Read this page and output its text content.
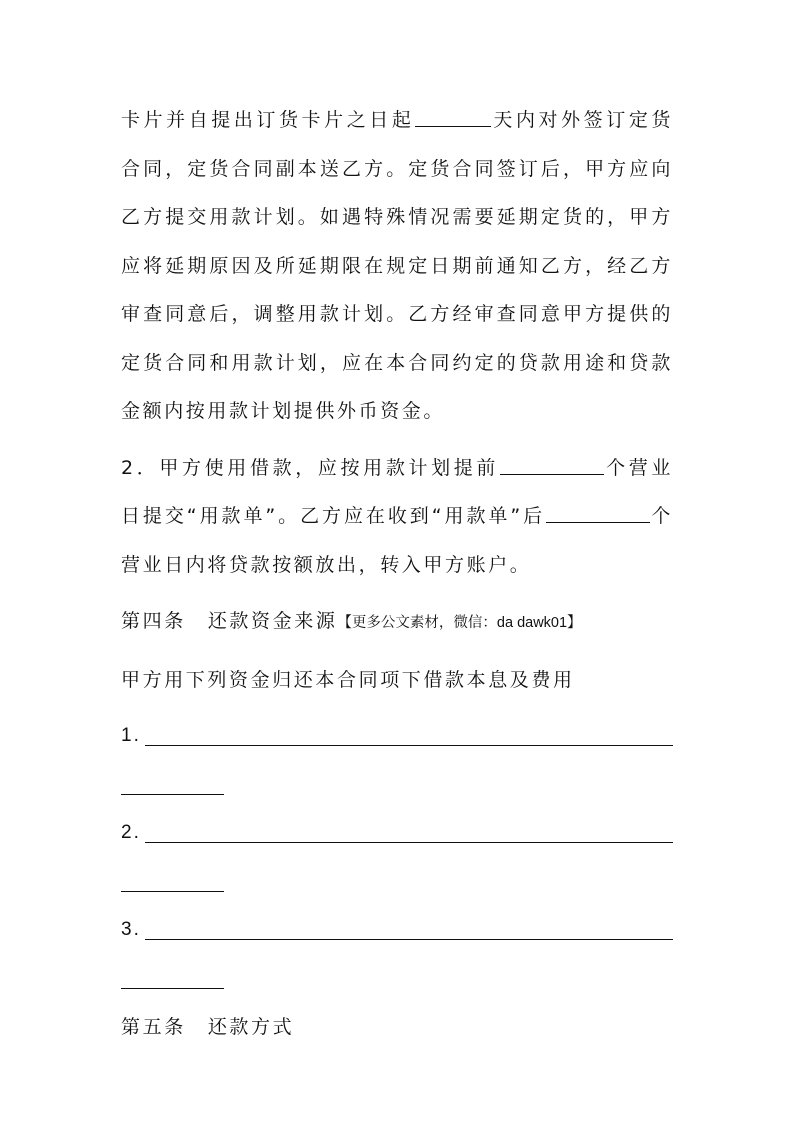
卡片并自提出订货卡片之日起	天内对外签订定货合同，定货合同副本送乙方。定货合同签订后，甲方应向乙方提交用款计划。如遇特殊情况需要延期定货的，甲方应将延期原因及所延期限在规定日期前通知乙方，经乙方审查同意后，调整用款计划。乙方经审查同意甲方提供的定货合同和用款计划，应在本合同约定的贷款用途和贷款金额内按用款计划提供外币资金。

2．甲方使用借款，应按用款计划提前	个营业日提交“用款单”。乙方应在收到“用款单”后	个营业日内将贷款按额放出，转入甲方账户。

第四条 还款资金来源【更多公文素材，微信：da dawk01】

甲方用下列资金归还本合同项下借款本息及费用

1.
2.
3.

第五条 还款方式
